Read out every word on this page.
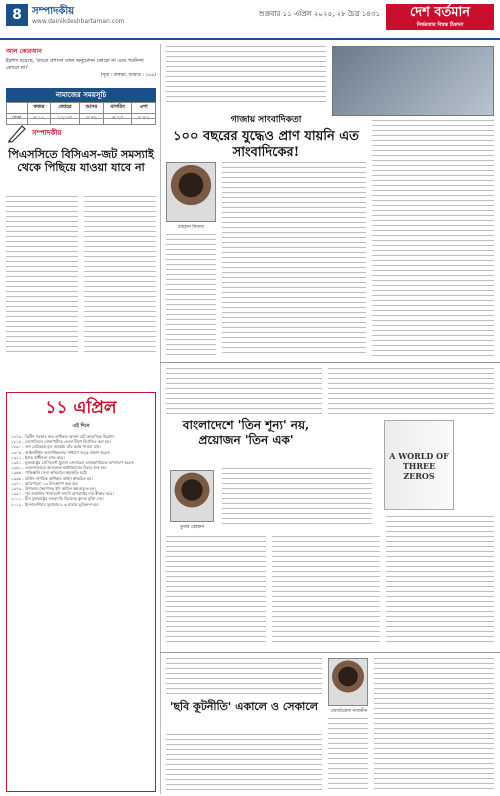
8	সম্পাদকীয়
www.dainikdeshbartaman.com
শুক্রবার ১১ এপ্রিল ২০২৫, ২৮ চৈত্র ১৪৩১	দেশ বর্তমান
নির্ভরতার বিশ্বস্ত ঠিকানা
আল কোরআন
ইরশাদ হয়েছে, 'কারো প্রশংসা যখন অনুমোদন কোরো না এবং পরনিন্দা কোরো না।'
(সূরা : বাকারা, আয়াত : ১৮৬)
নামাজের সময়সূচি
	ফজর	জোহর	আসর	মাগরিব	এশা
ঢাকা	৪:১১	১২:০৫	৩:৫৮	৬:২৫	৭:৪২
সম্পাদকীয়
পিএসসিতে বিসিএস-জট সমস্যাই থেকে পিছিয়ে যাওয়া যাবে না
গাজায় সাংবাদিকতা
১০০ বছরের যুদ্ধেও প্রাণ যায়নি এত সাংবাদিকের!
রায়হান নিজাম
বাংলাদেশে 'তিন শূন্য' নয়, প্রয়োজন 'তিন এক'
A WORLD OF THREE ZEROS
তুষার রেহমান
১১ এপ্রিল
এই দিনে
১৮৭৯ - ব্রিটিশ সরকার দ্রুত অধিকার অর্জন ঘটে আকস্মিক উল্লেখ।
১৮১৪ - নেপোলিয়ন বোনাপার্টকে এলবা দ্বীপে নির্বাসিত করা হয়।
১৮৯০ - জন মেরিককে মৃত অবস্থায় তাঁর কক্ষে পাওয়া যায়।
১৯০৬ - আইনস্টাইন আপেক্ষিকতার সাধারণ তত্ত্ব প্রকাশ করেন।
১৯২১ - ইরাক স্বাধীনতা লাভ করে।
১৯৫১ - যুক্তরাষ্ট্রের প্রেসিডেন্ট ট্রুম্যান জেনারেল ম্যাকআর্থারকে অপসারণ করেন।
১৯৬১ - জেরুজালেমে অ্যাডলফ আইখম্যানের বিচার শুরু হয়।
১৯৬৫ - পাকিস্তানি সেনা অভিযানে ক্ষয়ক্ষতি ঘটে।
১৯৬৮ - মার্কিন নাগরিক অধিকার আইন স্বাক্ষরিত হয়।
১৯৭০ - অ্যাপোলো ১৩ উৎক্ষেপণ করা হয়।
১৯৭৯ - উগান্ডার স্বৈরশাসক ইদি আমিন ক্ষমতাচ্যুত হন।
১৯৯০ - পূর্ব জার্মানির পার্লামেন্ট নাৎসি অপরাধের দায় স্বীকার করে।
২০০১ - চীন যুক্তরাষ্ট্রের নজরদারি বিমানের ক্রুদের মুক্তি দেয়।
২০১২ - ইন্দোনেশিয়ার সুমাত্রায় ৮.৬ মাত্রার ভূমিকম্প হয়।
'ছবি কূটনীতি' একালে ও সেকালে	জেবউন্নেসা নাজনীন
